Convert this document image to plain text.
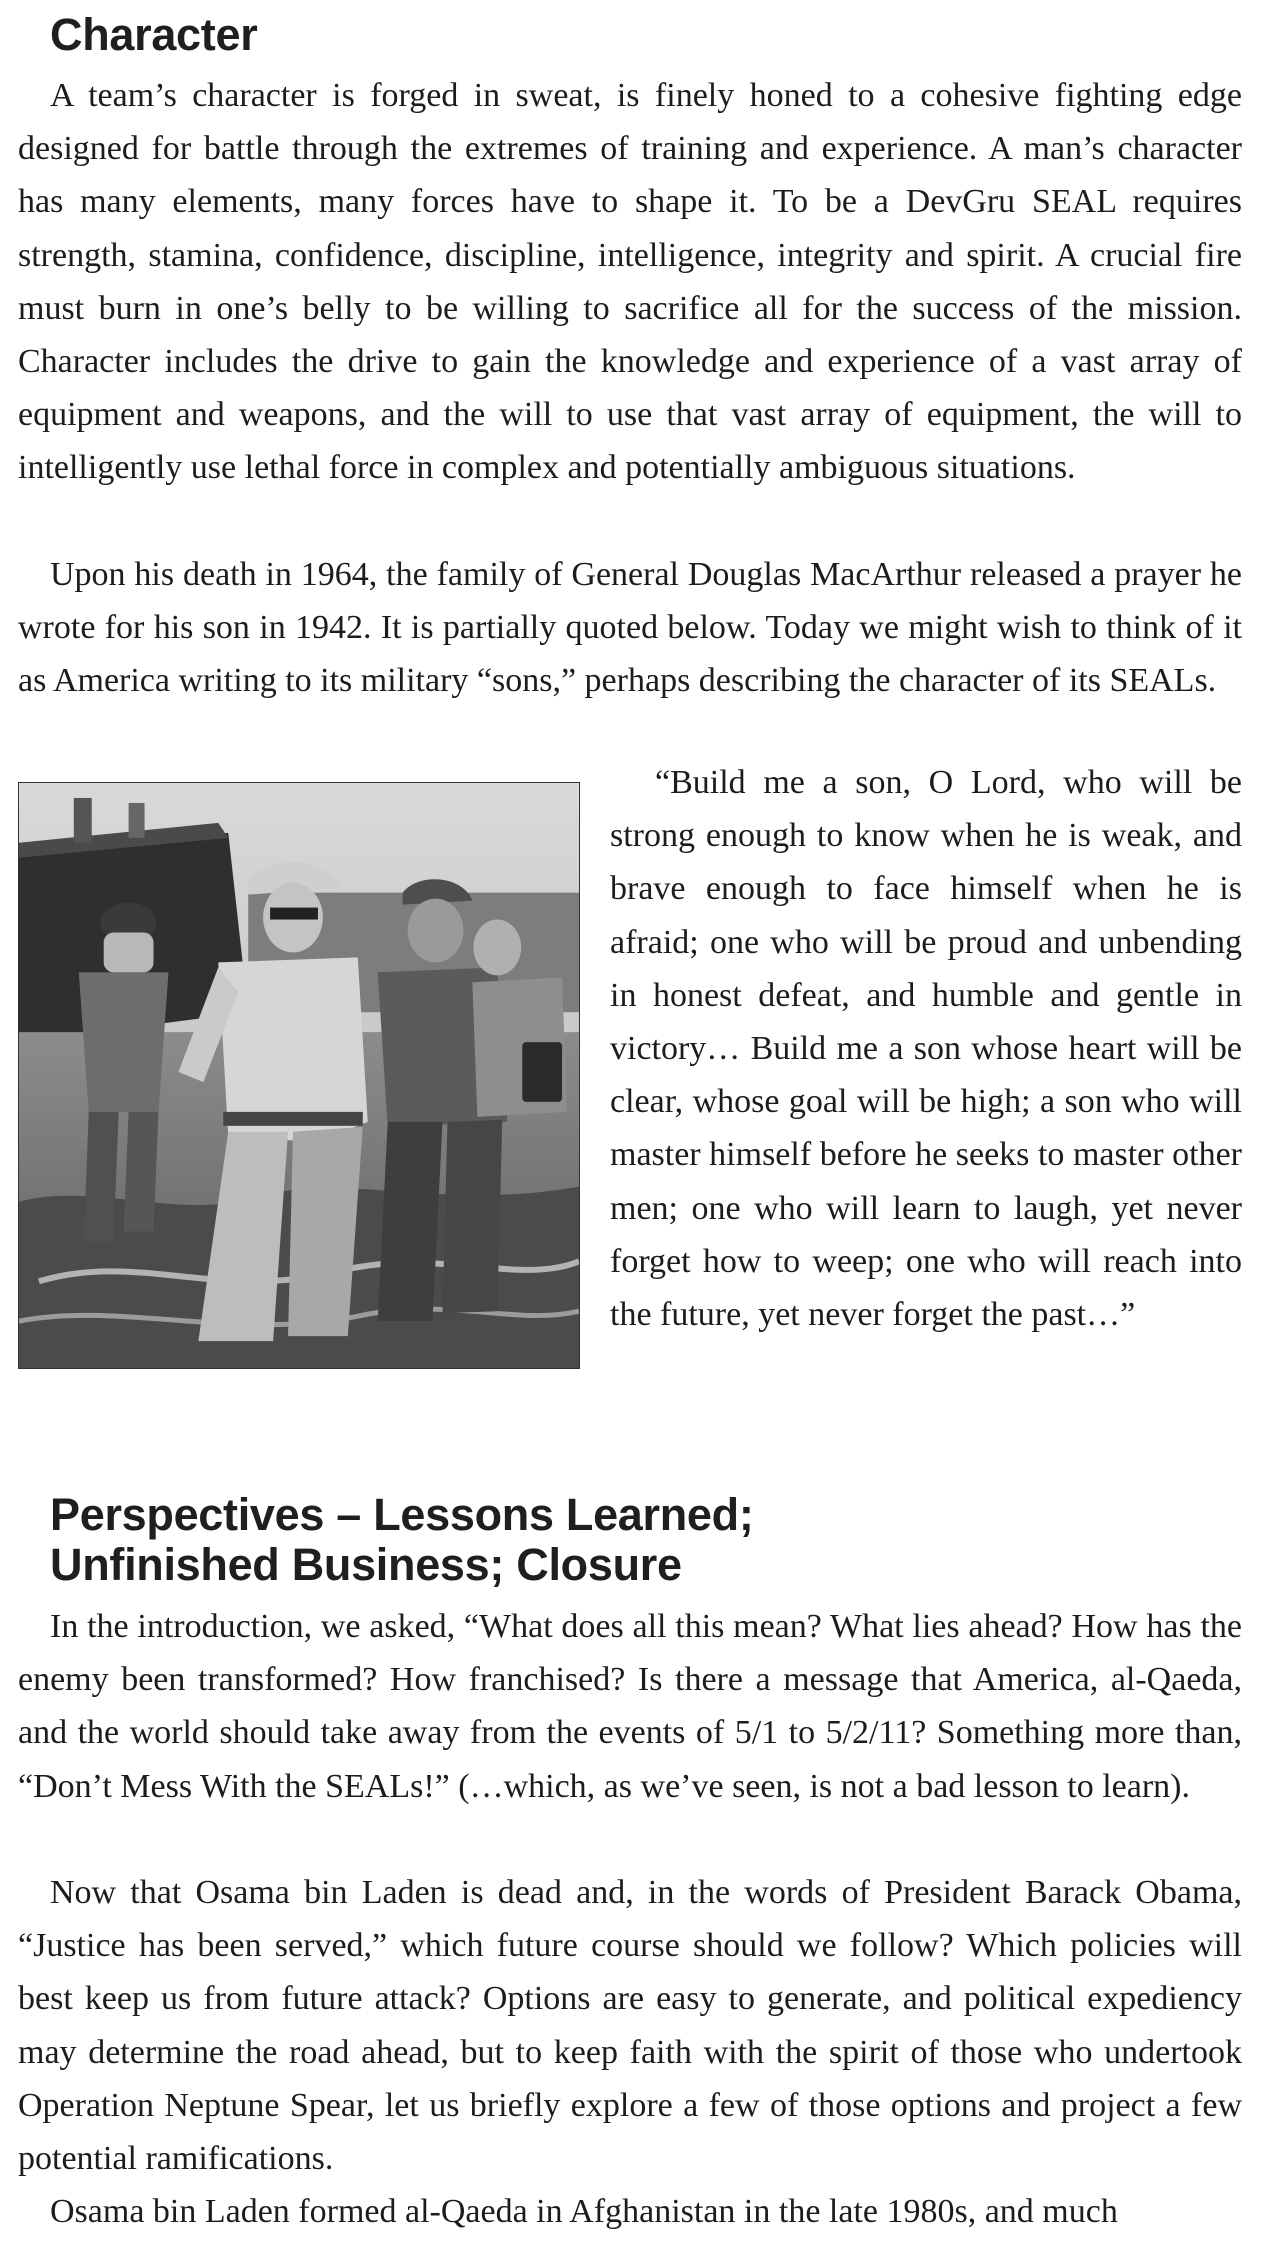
Character

A team’s character is forged in sweat, is finely honed to a cohesive fighting edge designed for battle through the extremes of training and experience. A man’s character has many elements, many forces have to shape it. To be a DevGru SEAL requires strength, stamina, confidence, discipline, intelligence, integrity and spirit. A crucial fire must burn in one’s belly to be willing to sacrifice all for the success of the mission. Character includes the drive to gain the knowledge and experience of a vast array of equipment and weapons, and the will to use that vast array of equipment, the will to intelligently use lethal force in complex and potentially ambiguous situations.

Upon his death in 1964, the family of General Douglas MacArthur released a prayer he wrote for his son in 1942. It is partially quoted below. Today we might wish to think of it as America writing to its military “sons,” perhaps describing the character of its SEALs.

“Build me a son, O Lord, who will be strong enough to know when he is weak, and brave enough to face himself when he is afraid; one who will be proud and unbending in honest defeat, and humble and gentle in victory… Build me a son whose heart will be clear, whose goal will be high; a son who will master himself before he seeks to master other men; one who will learn to laugh, yet never forget how to weep; one who will reach into the future, yet never forget the past…”

Perspectives – Lessons Learned;
Unfinished Business; Closure

In the introduction, we asked, “What does all this mean? What lies ahead? How has the enemy been transformed? How franchised? Is there a message that America, al-Qaeda, and the world should take away from the events of 5/1 to 5/2/11? Something more than, “Don’t Mess With the SEALs!” (…which, as we’ve seen, is not a bad lesson to learn).

Now that Osama bin Laden is dead and, in the words of President Barack Obama, “Justice has been served,” which future course should we follow? Which policies will best keep us from future attack? Options are easy to generate, and political expediency may determine the road ahead, but to keep faith with the spirit of those who undertook Operation Neptune Spear, let us briefly explore a few of those options and project a few potential ramifications.

Osama bin Laden formed al-Qaeda in Afghanistan in the late 1980s, and much
